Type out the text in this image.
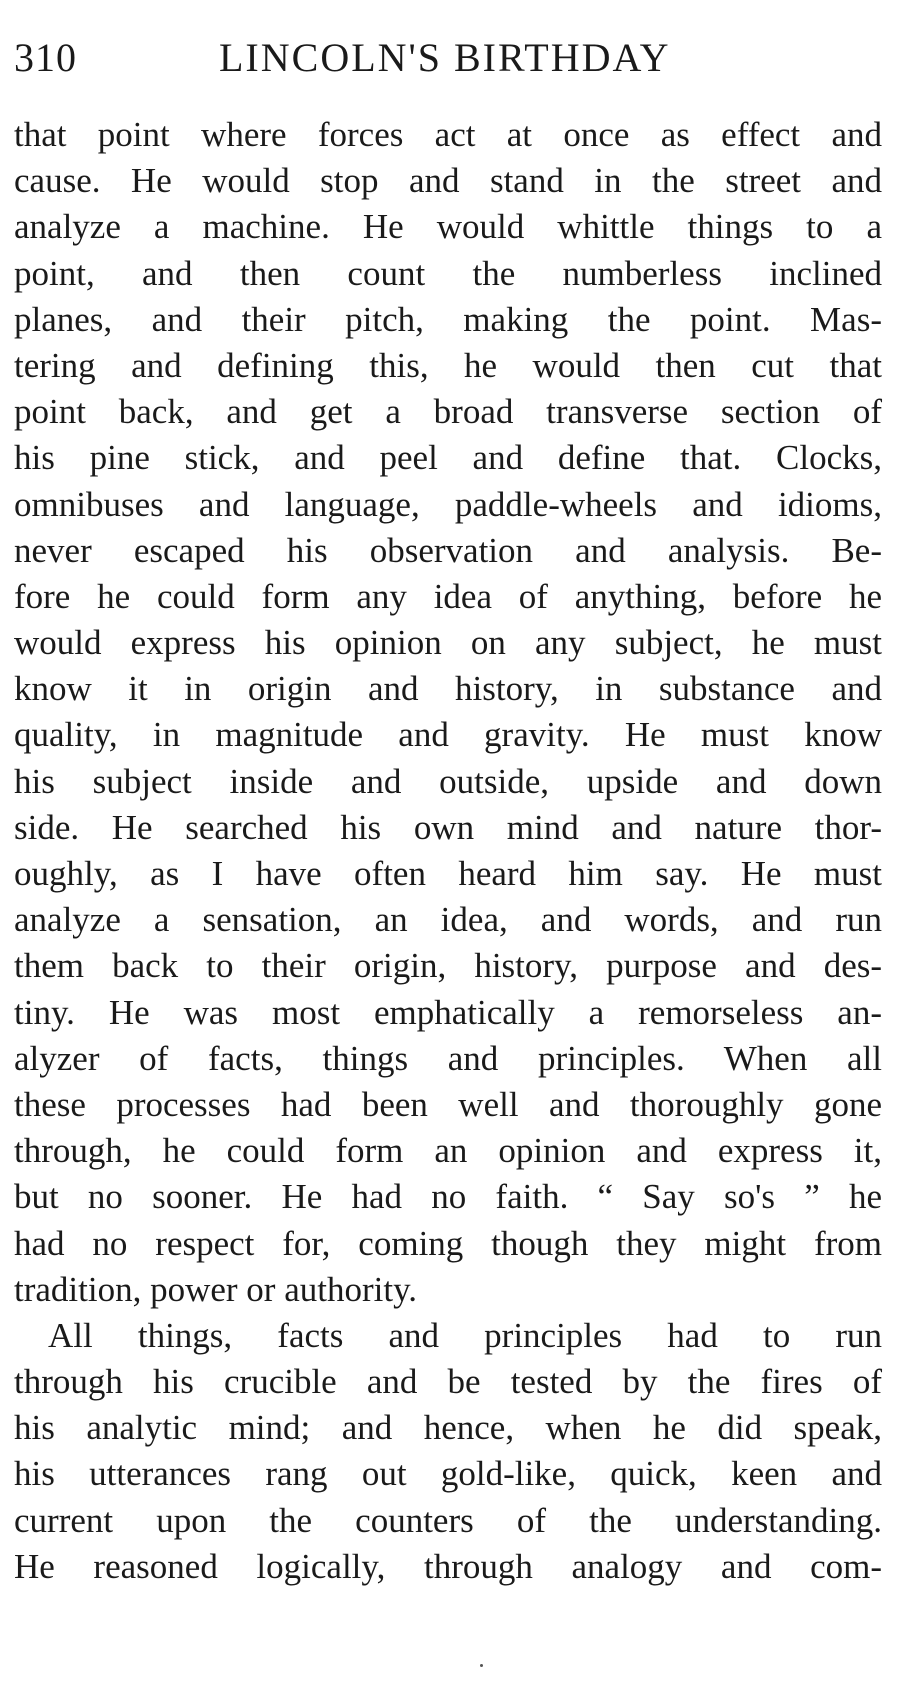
310	LINCOLN'S BIRTHDAY
that point where forces act at once as effect and
cause. He would stop and stand in the street and
analyze a machine. He would whittle things to a
point, and then count the numberless inclined
planes, and their pitch, making the point. Mas-
tering and defining this, he would then cut that
point back, and get a broad transverse section of
his pine stick, and peel and define that. Clocks,
omnibuses and language, paddle-wheels and idioms,
never escaped his observation and analysis. Be-
fore he could form any idea of anything, before he
would express his opinion on any subject, he must
know it in origin and history, in substance and
quality, in magnitude and gravity. He must know
his subject inside and outside, upside and down
side. He searched his own mind and nature thor-
oughly, as I have often heard him say. He must
analyze a sensation, an idea, and words, and run
them back to their origin, history, purpose and des-
tiny. He was most emphatically a remorseless an-
alyzer of facts, things and principles. When all
these processes had been well and thoroughly gone
through, he could form an opinion and express it,
but no sooner. He had no faith. “ Say so's ” he
had no respect for, coming though they might from
tradition, power or authority.
All things, facts and principles had to run
through his crucible and be tested by the fires of
his analytic mind; and hence, when he did speak,
his utterances rang out gold-like, quick, keen and
current upon the counters of the understanding.
He reasoned logically, through analogy and com-
